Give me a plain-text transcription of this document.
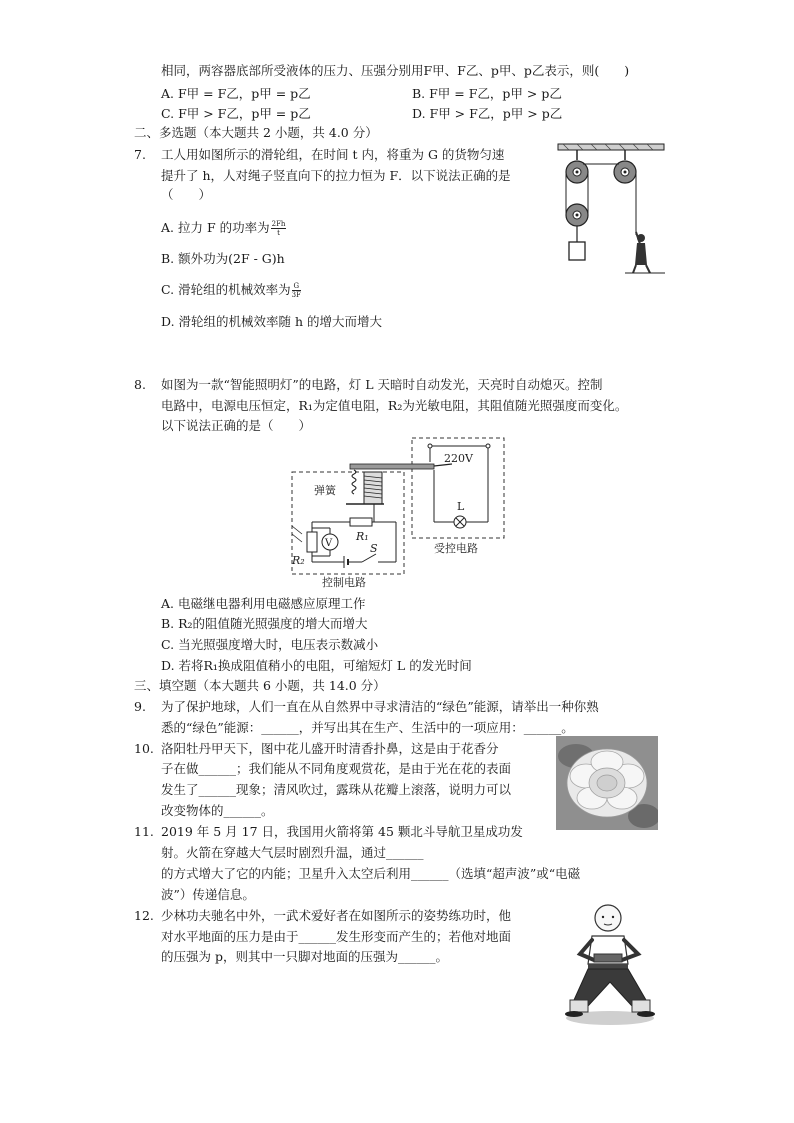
相同，两容器底部所受液体的压力、压强分别用F甲、F乙、p甲、p乙表示，则(　　)
A. F甲 = F乙，p甲 = p乙	B. F甲 = F乙，p甲 > p乙
C. F甲 > F乙，p甲 = p乙	D. F甲 > F乙，p甲 > p乙
二、多选题（本大题共 2 小题，共 4.0 分）
7. 工人用如图所示的滑轮组，在时间 t 内，将重为 G 的货物匀速
提升了 h，人对绳子竖直向下的拉力恒为 F．以下说法正确的是
（　　）
A. 拉力 F 的功率为 $\frac{2Fh}{t}$
B. 额外功为(2F - G)h
C. 滑轮组的机械效率为 $\frac{G}{3F}$
D. 滑轮组的机械效率随 h 的增大而增大
8. 如图为一款“智能照明灯”的电路，灯 L 天暗时自动发光，天亮时自动熄灭。控制
电路中，电源电压恒定，R₁为定值电阻，R₂为光敏电阻，其阻值随光照强度而变化。
以下说法正确的是（　　）
弹簧
R₁
R₂
V	S
控制电路
220V
L
受控电路
A. 电磁继电器利用电磁感应原理工作
B. R₂的阻值随光照强度的增大而增大
C. 当光照强度增大时，电压表示数减小
D. 若将R₁换成阻值稍小的电阻，可缩短灯 L 的发光时间
三、填空题（本大题共 6 小题，共 14.0 分）
9. 为了保护地球，人们一直在从自然界中寻求清洁的“绿色”能源，请举出一种你熟
悉的“绿色”能源：______，并写出其在生产、生活中的一项应用：______。
10. 洛阳牡丹甲天下，图中花儿盛开时清香扑鼻，这是由于花香分
子在做______；我们能从不同角度观赏花，是由于光在花的表面
发生了______现象；清风吹过，露珠从花瓣上滚落，说明力可以
改变物体的______。
11. 2019 年 5 月 17 日，我国用火箭将第 45 颗北斗导航卫星成功发
射。火箭在穿越大气层时剧烈升温，通过______
的方式增大了它的内能；卫星升入太空后利用______（选填“超声波”或“电磁
波”）传递信息。
12. 少林功夫驰名中外，一武术爱好者在如图所示的姿势练功时，他
对水平地面的压力是由于______发生形变而产生的；若他对地面
的压强为 p，则其中一只脚对地面的压强为______。
